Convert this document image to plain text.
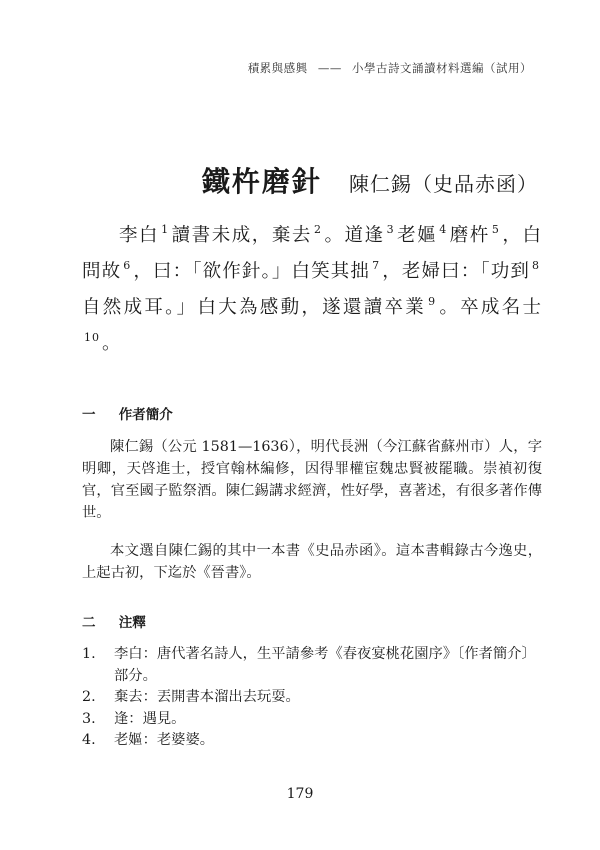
積累與感興 —— 小學古詩文誦讀材料選編（試用）
鐵杵磨針 陳仁錫（史品赤函）

李白 $^1$ 讀書未成，棄去 $^2$ 。道逢 $^3$ 老嫗 $^4$ 磨杵 $^5$ ，白問故 $^6$ ，曰：「欲作針。」白笑其拙 $^7$ ，老婦曰：「功到 $^8$自然成耳。」白大為感動，遂還讀卒業 $^9$ 。卒成名士$^{10}$ 。

一 作者簡介

陳仁錫（公元 1581—1636），明代長洲（今江蘇省蘇州市）人，字明卿，天啓進士，授官翰林編修，因得罪權宦魏忠賢被罷職。崇禎初復官，官至國子監祭酒。陳仁錫講求經濟，性好學，喜著述，有很多著作傳世。

本文選自陳仁錫的其中一本書《史品赤函》。這本書輯錄古今逸史，上起古初，下迄於《晉書》。

二 注釋
1. 李白：唐代著名詩人，生平請參考《春夜宴桃花園序》〔作者簡介〕部分。
2. 棄去：丟開書本溜出去玩耍。
3. 逢：遇見。
4. 老嫗：老婆婆。
179
